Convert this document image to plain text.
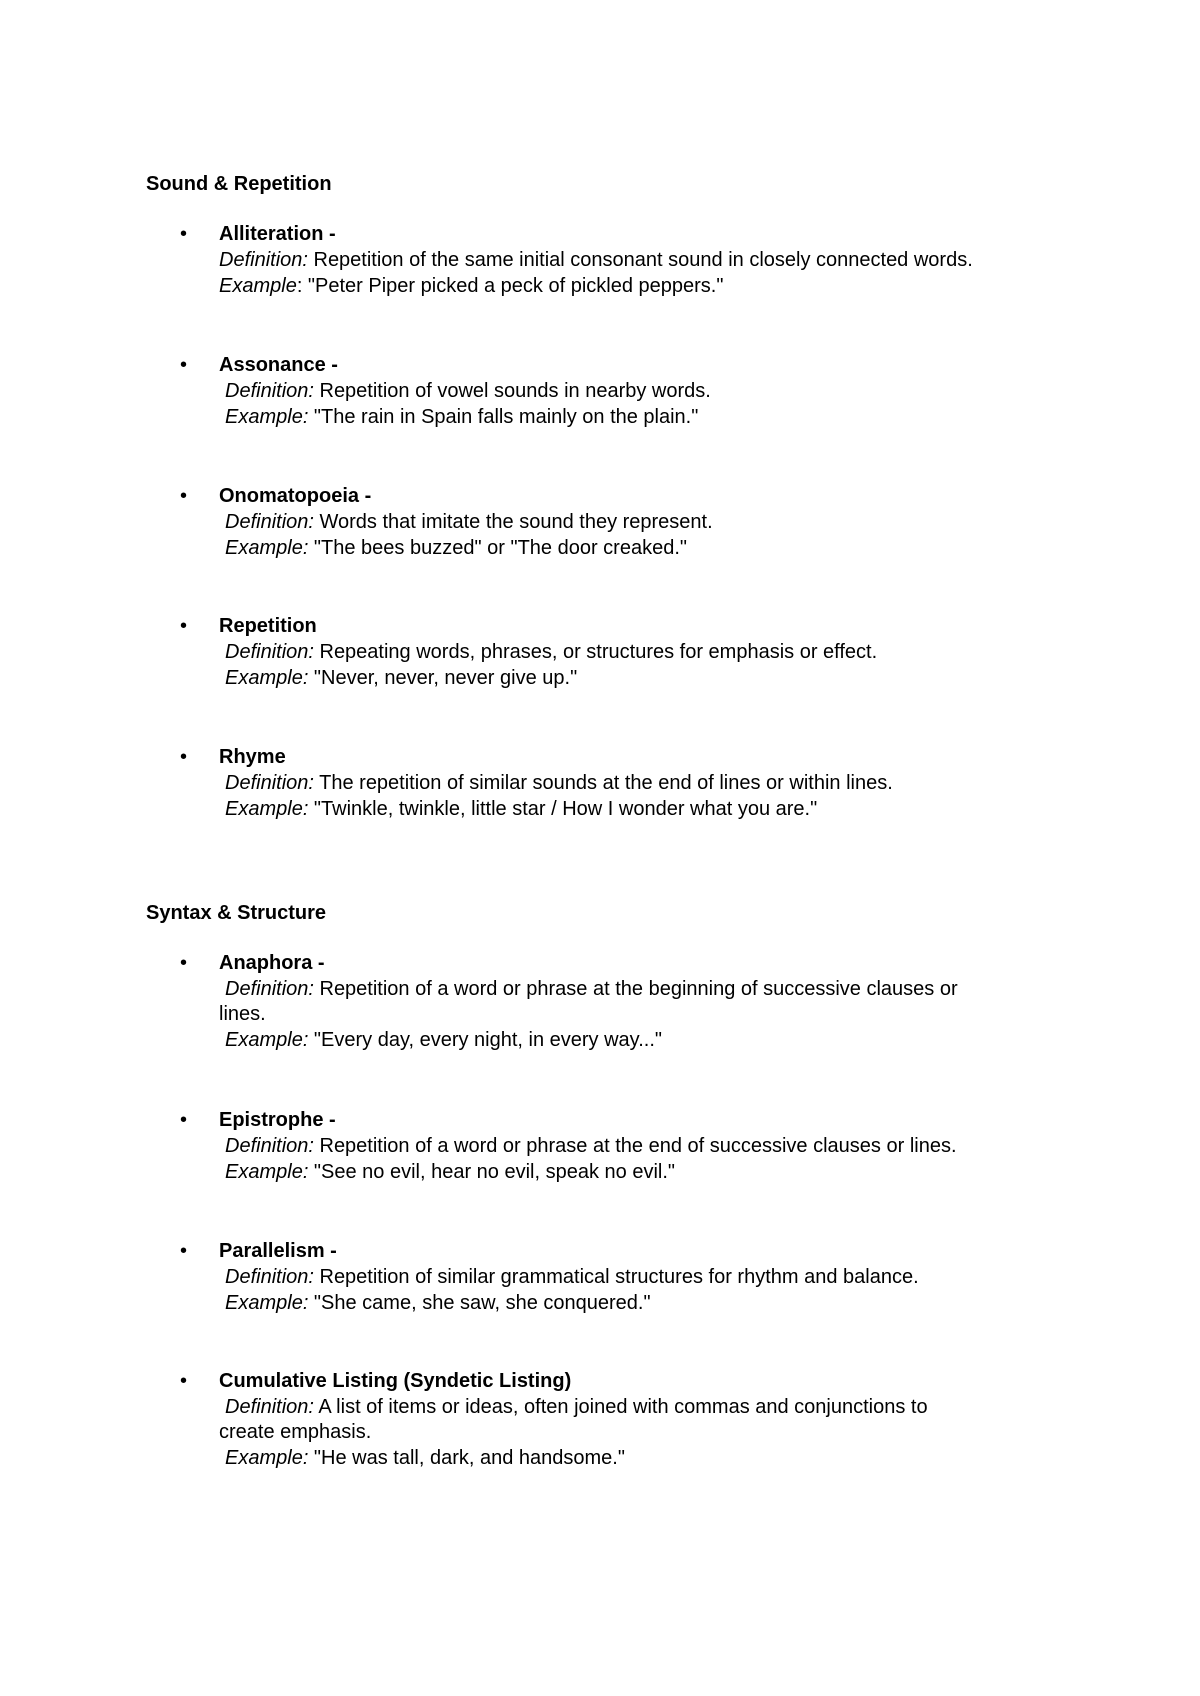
Sound & Repetition
• Alliteration -
Definition: Repetition of the same initial consonant sound in closely connected words.
Example: "Peter Piper picked a peck of pickled peppers."
• Assonance -
Definition: Repetition of vowel sounds in nearby words.
Example: "The rain in Spain falls mainly on the plain."
• Onomatopoeia -
Definition: Words that imitate the sound they represent.
Example: "The bees buzzed" or "The door creaked."
• Repetition
Definition: Repeating words, phrases, or structures for emphasis or effect.
Example: "Never, never, never give up."
• Rhyme
Definition: The repetition of similar sounds at the end of lines or within lines.
Example: "Twinkle, twinkle, little star / How I wonder what you are."
Syntax & Structure
• Anaphora -
Definition: Repetition of a word or phrase at the beginning of successive clauses or
lines.
Example: "Every day, every night, in every way..."
• Epistrophe -
Definition: Repetition of a word or phrase at the end of successive clauses or lines.
Example: "See no evil, hear no evil, speak no evil."
• Parallelism -
Definition: Repetition of similar grammatical structures for rhythm and balance.
Example: "She came, she saw, she conquered."
• Cumulative Listing (Syndetic Listing)
Definition: A list of items or ideas, often joined with commas and conjunctions to
create emphasis.
Example: "He was tall, dark, and handsome."
